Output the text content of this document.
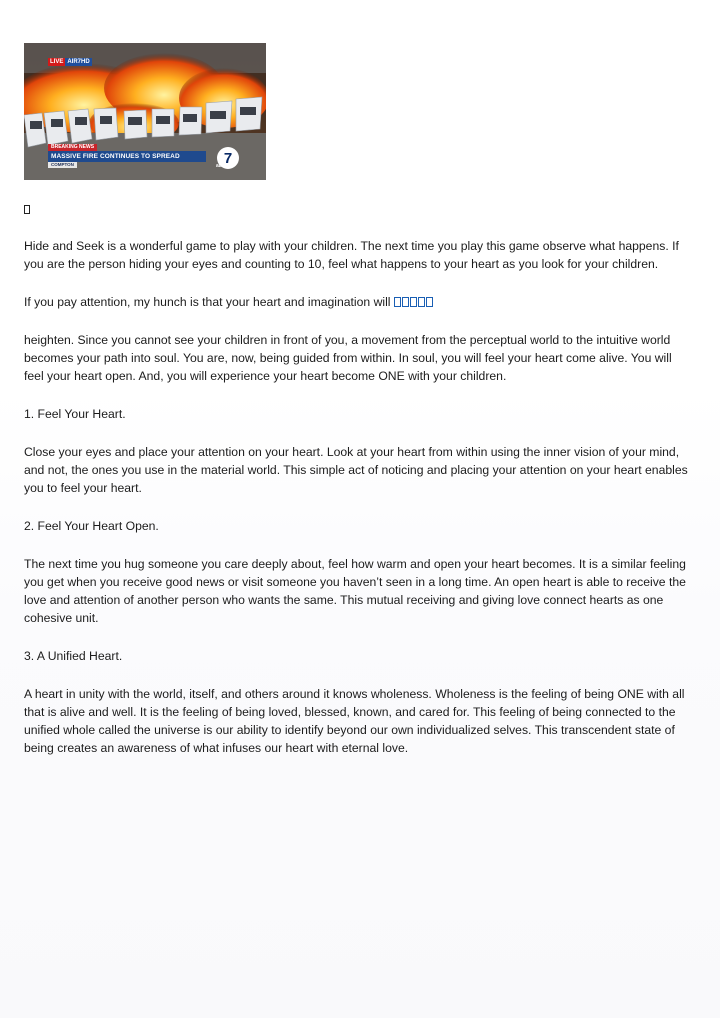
LIVE AIR7HD
BREAKING NEWS
MASSIVE FIRE CONTINUES TO SPREAD
COMPTON	7
abc

Hide and Seek is a wonderful game to play with your children. The next time you play this game observe what happens. If you are the person hiding your eyes and counting to 10, feel what happens to your heart as you look for your children.

If you pay attention, my hunch is that your heart and imagination will

heighten. Since you cannot see your children in front of you, a movement from the perceptual world to the intuitive world becomes your path into soul. You are, now, being guided from within. In soul, you will feel your heart come alive. You will feel your heart open. And, you will experience your heart become ONE with your children.

1. Feel Your Heart.

Close your eyes and place your attention on your heart. Look at your heart from within using the inner vision of your mind, and not, the ones you use in the material world. This simple act of noticing and placing your attention on your heart enables you to feel your heart.

2. Feel Your Heart Open.

The next time you hug someone you care deeply about, feel how warm and open your heart becomes. It is a similar feeling you get when you receive good news or visit someone you haven’t seen in a long time. An open heart is able to receive the love and attention of another person who wants the same. This mutual receiving and giving love connect hearts as one cohesive unit.

3. A Unified Heart.

A heart in unity with the world, itself, and others around it knows wholeness. Wholeness is the feeling of being ONE with all that is alive and well. It is the feeling of being loved, blessed, known, and cared for. This feeling of being connected to the unified whole called the universe is our ability to identify beyond our own individualized selves. This transcendent state of being creates an awareness of what infuses our heart with eternal love.
